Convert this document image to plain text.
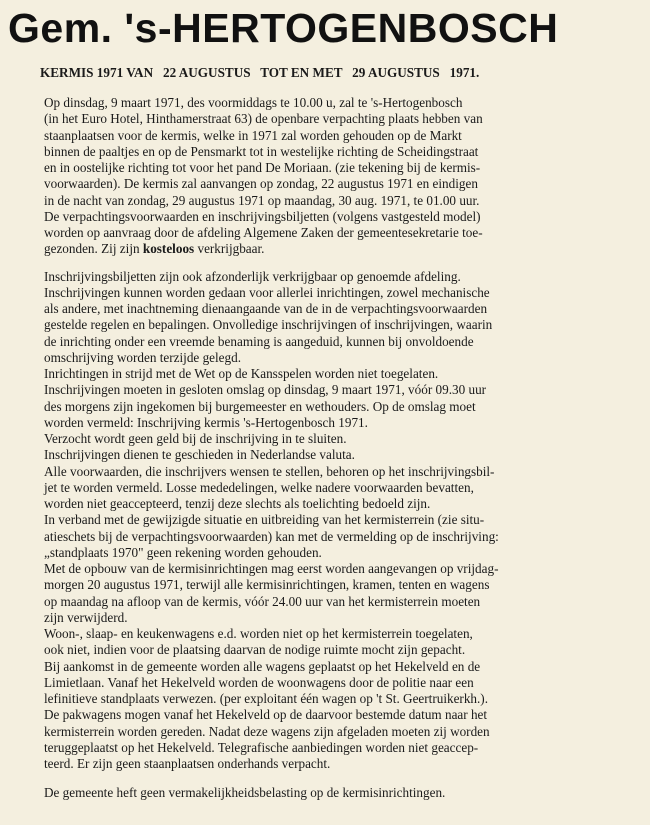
Gem. 's-HERTOGENBOSCH
KERMIS 1971 VAN   22 AUGUSTUS   TOT EN MET   29 AUGUSTUS   1971.
Op dinsdag, 9 maart 1971, des voormiddags te 10.00 u, zal te 's-Hertogenbosch
(in het Euro Hotel, Hinthamerstraat 63) de openbare verpachting plaats hebben van
staanplaatsen voor de kermis, welke in 1971 zal worden gehouden op de Markt
binnen de paaltjes en op de Pensmarkt tot in westelijke richting de Scheidingstraat
en in oostelijke richting tot voor het pand De Moriaan. (zie tekening bij de kermis-
voorwaarden). De kermis zal aanvangen op zondag, 22 augustus 1971 en eindigen
in de nacht van zondag, 29 augustus 1971 op maandag, 30 aug. 1971, te 01.00 uur.
De verpachtingsvoorwaarden en inschrijvingsbiljetten (volgens vastgesteld model)
worden op aanvraag door de afdeling Algemene Zaken der gemeentesekretarie toe-
gezonden. Zij zijn kosteloos verkrijgbaar.
Inschrijvingsbiljetten zijn ook afzonderlijk verkrijgbaar op genoemde afdeling.
Inschrijvingen kunnen worden gedaan voor allerlei inrichtingen, zowel mechanische
als andere, met inachtneming dienaangaande van de in de verpachtingsvoorwaarden
gestelde regelen en bepalingen. Onvolledige inschrijvingen of inschrijvingen, waarin
de inrichting onder een vreemde benaming is aangeduid, kunnen bij onvoldoende
omschrijving worden terzijde gelegd.
Inrichtingen in strijd met de Wet op de Kansspelen worden niet toegelaten.
Inschrijvingen moeten in gesloten omslag op dinsdag, 9 maart 1971, vóór 09.30 uur
des morgens zijn ingekomen bij burgemeester en wethouders. Op de omslag moet
worden vermeld: Inschrijving kermis 's-Hertogenbosch 1971.
Verzocht wordt geen geld bij de inschrijving in te sluiten.
Inschrijvingen dienen te geschieden in Nederlandse valuta.
Alle voorwaarden, die inschrijvers wensen te stellen, behoren op het inschrijvingsbil-
jet te worden vermeld. Losse mededelingen, welke nadere voorwaarden bevatten,
worden niet geaccepteerd, tenzij deze slechts als toelichting bedoeld zijn.
In verband met de gewijzigde situatie en uitbreiding van het kermisterrein (zie situ-
atieschets bij de verpachtingsvoorwaarden) kan met de vermelding op de inschrijving:
„standplaats 1970" geen rekening worden gehouden.
Met de opbouw van de kermisinrichtingen mag eerst worden aangevangen op vrijdag-
morgen 20 augustus 1971, terwijl alle kermisinrichtingen, kramen, tenten en wagens
op maandag na afloop van de kermis, vóór 24.00 uur van het kermisterrein moeten
zijn verwijderd.
Woon-, slaap- en keukenwagens e.d. worden niet op het kermisterrein toegelaten,
ook niet, indien voor de plaatsing daarvan de nodige ruimte mocht zijn gepacht.
Bij aankomst in de gemeente worden alle wagens geplaatst op het Hekelveld en de
Limietlaan. Vanaf het Hekelveld worden de woonwagens door de politie naar een
lefinitieve standplaats verwezen. (per exploitant één wagen op 't St. Geertruikerkh.).
De pakwagens mogen vanaf het Hekelveld op de daarvoor bestemde datum naar het
kermisterrein worden gereden. Nadat deze wagens zijn afgeladen moeten zij worden
teruggeplaatst op het Hekelveld. Telegrafische aanbiedingen worden niet geaccep-
teerd. Er zijn geen staanplaatsen onderhands verpacht.
De gemeente heft geen vermakelijkheidsbelasting op de kermisinrichtingen.
